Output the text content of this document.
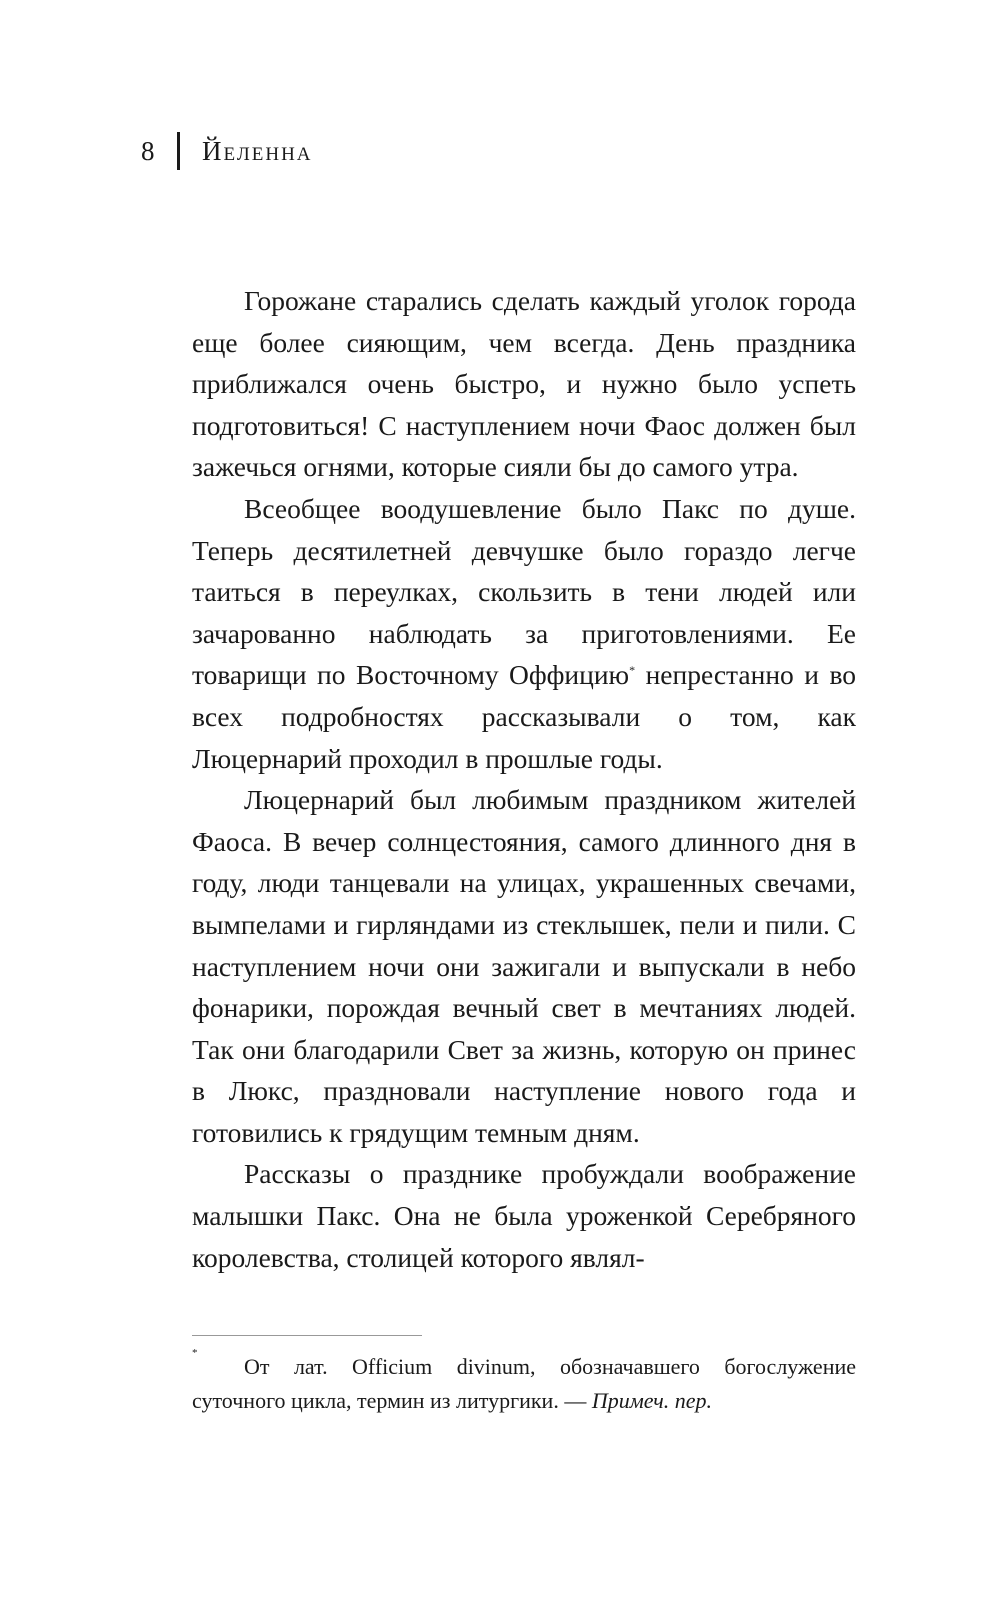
8	Йеленна

Горожане старались сделать каждый уголок города еще более сияющим, чем всегда. День праздника приближался очень быстро, и нужно было успеть подготовиться! С наступлением ночи Фаос должен был зажечься огнями, которые сияли бы до самого утра.

Всеобщее воодушевление было Пакс по душе. Теперь десятилетней девчушке было гораздо легче таиться в переулках, скользить в тени людей или зачарованно наблюдать за приготовлениями. Ее товарищи по Восточному Оффицию* непрестанно и во всех подробностях рассказывали о том, как Люцернарий проходил в прошлые годы.

Люцернарий был любимым праздником жителей Фаоса. В вечер солнцестояния, самого длинного дня в году, люди танцевали на улицах, украшенных свечами, вымпелами и гирляндами из стеклышек, пели и пили. С наступлением ночи они зажигали и выпускали в небо фонарики, порождая вечный свет в мечтаниях людей. Так они благодарили Свет за жизнь, которую он принес в Люкс, праздновали наступление нового года и готовились к грядущим темным дням.

Рассказы о празднике пробуждали воображение малышки Пакс. Она не была уроженкой Серебряного королевства, столицей которого являл-

*

От лат. Officium divinum, обозначавшего богослужение суточного цикла, термин из литургики. — Примеч. пер.
